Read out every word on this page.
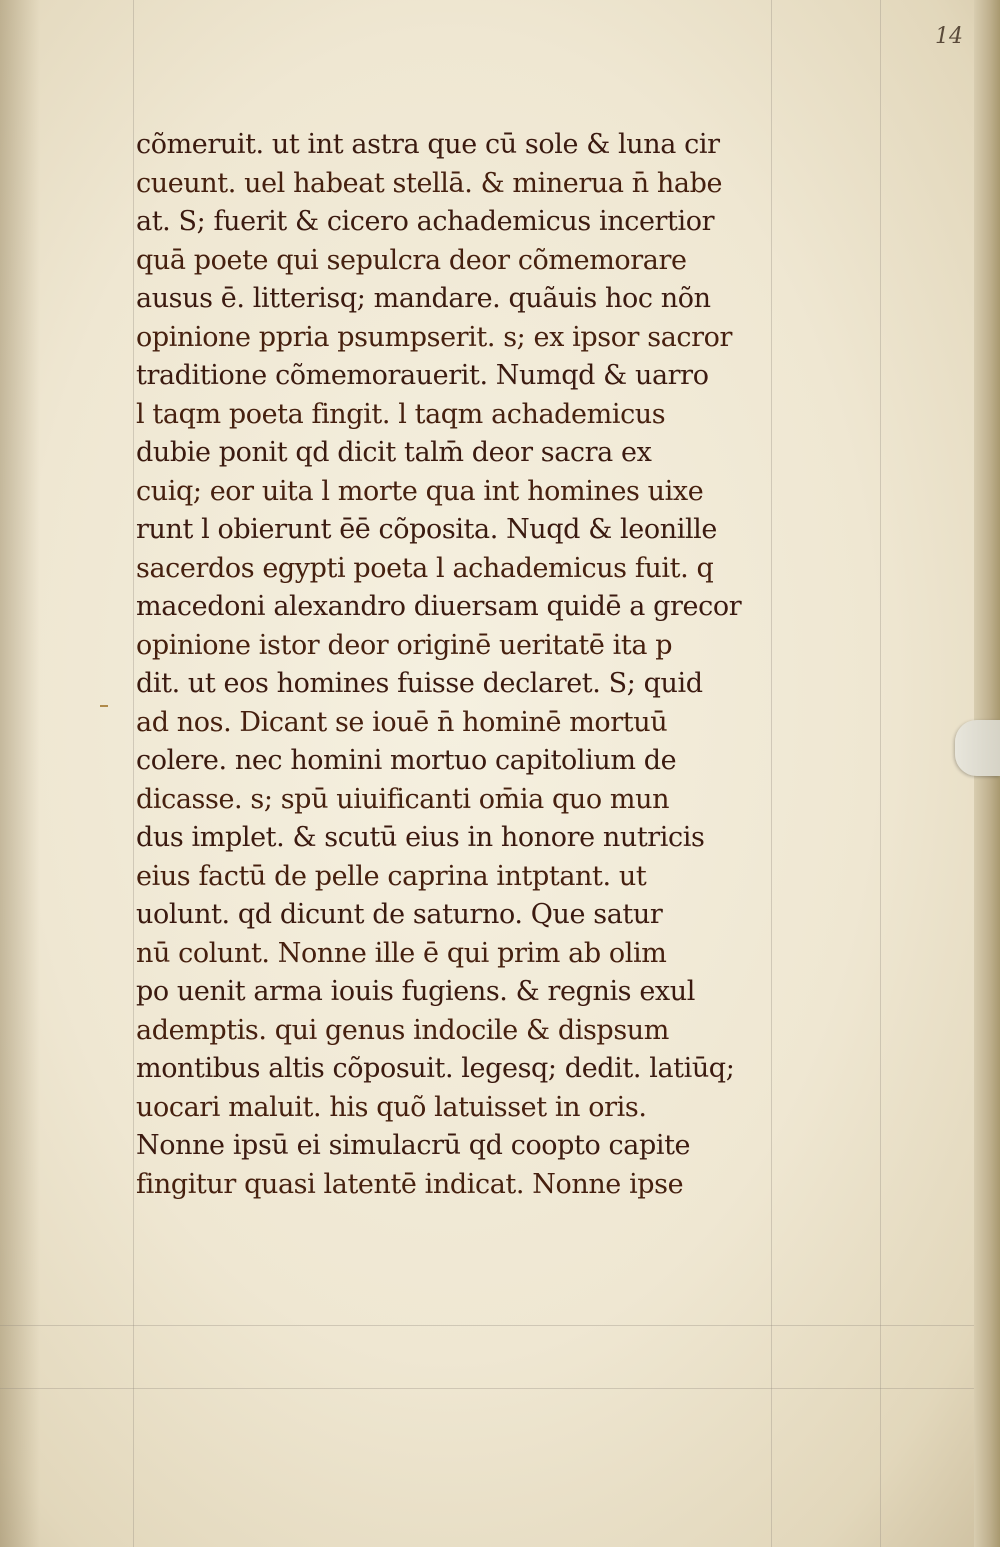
14
cõmeruit. ut int astra que cū sole & luna cir
cueunt. uel habeat stellā. & minerua n̄ habe
at. S; fuerit & cicero achademicus incertior
quā poete qui sepulcra deor cõmemorare
ausus ē. litterisq; mandare. quãuis hoc nõn
opinione ppria psumpserit. s; ex ipsor sacror
traditione cõmemorauerit. Numqd & uarro
l taqm poeta fingit. l taqm achademicus
dubie ponit qd dicit talm̄ deor sacra ex
cuiq; eor uita l morte qua int homines uixe
runt l obierunt ēē cõposita. Nuqd & leonille
sacerdos egypti poeta l achademicus fuit. q
macedoni alexandro diuersam quidē a grecor
opinione istor deor originē ueritatē ita p
dit. ut eos homines fuisse declaret. S; quid
ad nos. Dicant se iouē n̄ hominē mortuū
colere. nec homini mortuo capitolium de
dicasse. s; spū uiuificanti om̄ia quo mun
dus implet. & scutū eius in honore nutricis
eius factū de pelle caprina intptant. ut
uolunt. qd dicunt de saturno. Que satur
nū colunt. Nonne ille ē qui prim ab olim
po uenit arma iouis fugiens. & regnis exul
ademptis. qui genus indocile & dispsum
montibus altis cõposuit. legesq; dedit. latiūq;
uocari maluit. his quõ latuisset in oris.
Nonne ipsū ei simulacrū qd coopto capite
fingitur quasi latentē indicat. Nonne ipse
